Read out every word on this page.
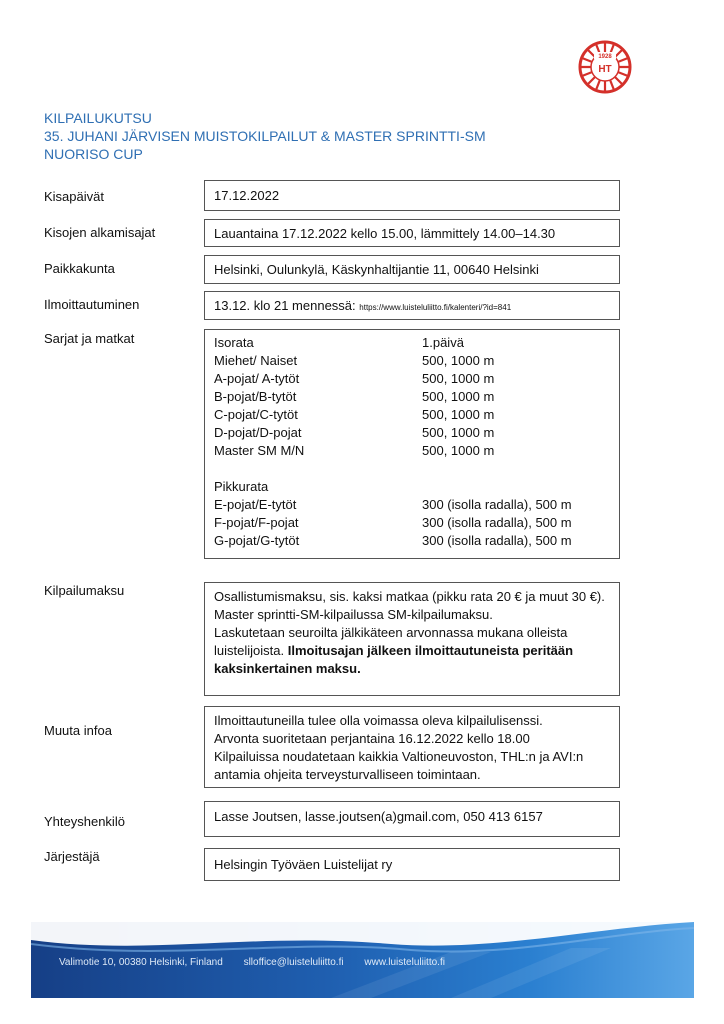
1928
HT
KILPAILUKUTSU
35. JUHANI JÄRVISEN MUISTOKILPAILUT & MASTER SPRINTTI-SM
NUORISO CUP
Kisapäivät	17.12.2022
Kisojen alkamisajat	Lauantaina 17.12.2022 kello 15.00, lämmittely 14.00–14.30
Paikkakunta	Helsinki, Oulunkylä, Käskynhaltijantie 11, 00640 Helsinki
Ilmoittautuminen	13.12. klo 21 mennessä: https://www.luisteluliitto.fi/kalenteri/?id=841
Sarjat ja matkat	Isorata	1.päivä
Miehet/ Naiset	500, 1000 m
A-pojat/ A-tytöt	500, 1000 m
B-pojat/B-tytöt	500, 1000 m
C-pojat/C-tytöt	500, 1000 m
D-pojat/D-pojat	500, 1000 m
Master SM M/N	500, 1000 m
Pikkurata
E-pojat/E-tytöt	300 (isolla radalla), 500 m
F-pojat/F-pojat	300 (isolla radalla), 500 m
G-pojat/G-tytöt	300 (isolla radalla), 500 m
Kilpailumaksu	Osallistumismaksu, sis. kaksi matkaa (pikku rata 20 € ja muut 30 €).
Master sprintti-SM-kilpailussa SM-kilpailumaksu.
Laskutetaan seuroilta jälkikäteen arvonnassa mukana olleista
luistelijoista. Ilmoitusajan jälkeen ilmoittautuneista peritään
kaksinkertainen maksu.
Muuta infoa
Ilmoittautuneilla tulee olla voimassa oleva kilpailulisenssi.
Arvonta suoritetaan perjantaina 16.12.2022 kello 18.00
Kilpailuissa noudatetaan kaikkia Valtioneuvoston, THL:n ja AVI:n
antamia ohjeita terveysturvalliseen toimintaan.
Yhteyshenkilö	Lasse Joutsen, lasse.joutsen(a)gmail.com, 050 413 6157
Järjestäjä
Helsingin Työväen Luistelijat ry
Valimotie 10, 00380 Helsinki, Finland slloffice@luisteluliitto.fi www.luisteluliitto.fi
